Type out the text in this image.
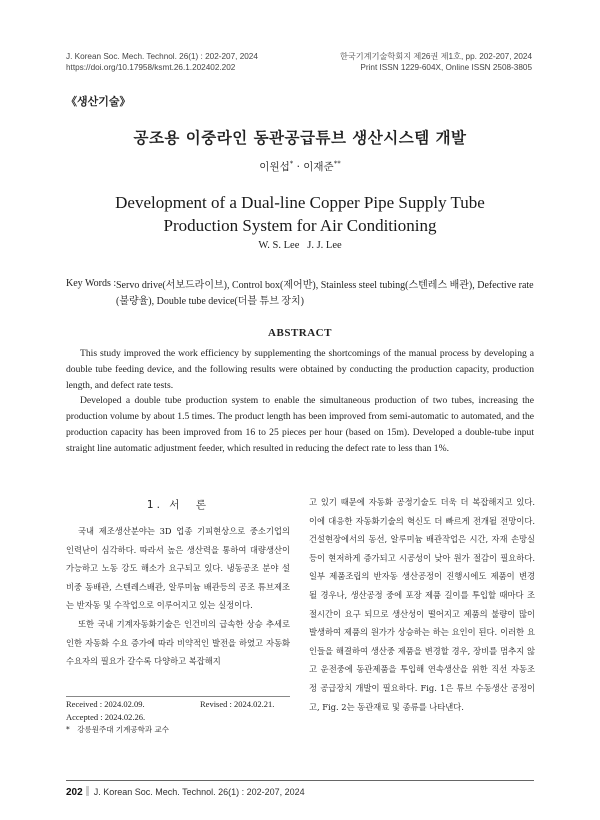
J. Korean Soc. Mech. Technol. 26(1) : 202-207, 2024
https://doi.org/10.17958/ksmt.26.1.202402.202
한국기계기술학회지 제26권 제1호, pp. 202-207, 2024
Print ISSN 1229-604X, Online ISSN 2508-3805
《생산기술》
공조용 이중라인 동관공급튜브 생산시스템 개발
이원섭* · 이재준**
Development of a Dual-line Copper Pipe Supply Tube
Production System for Air Conditioning
W. S. Lee   J. J. Lee
Key Words : Servo drive(서보드라이브), Control box(제어반), Stainless steel tubing(스텐레스 배관), Defective rate (불량율), Double tube device(더블 튜브 장치)
ABSTRACT

This study improved the work efficiency by supplementing the shortcomings of the manual process by developing a double tube feeding device, and the following results were obtained by conducting the production capacity, production length, and defect rate tests.

Developed a double tube production system to enable the simultaneous production of two tubes, increasing the production volume by about 1.5 times. The product length has been improved from semi-automatic to automated, and the production capacity has been improved from 16 to 25 pieces per hour (based on 15m). Developed a double-tube input straight line automatic adjustment feeder, which resulted in reducing the defect rate to less than 1%.

1. 서　론

국내 제조생산분야는 3D 업종 기피현상으로 중소기업의 인력난이 심각하다. 따라서 높은 생산력을 통하여 대량생산이 가능하고 노동 강도 해소가 요구되고 있다. 냉동공조 분야 설비중 동배관, 스텐레스배관, 알루미늄 배관등의 공조 튜브제조는 반자동 및 수작업으로 이루어지고 있는 실정이다.

또한 국내 기계자동화기술은 인건비의 급속한 상승 추세로 인한 자동화 수요 증가에 따라 비약적인 발전을 하였고 자동화 수요자의 필요가 갈수록 다양하고 복잡해지

고 있기 때문에 자동화 공정기술도 더욱 더 복잡해지고 있다. 이에 대응한 자동화기술의 혁신도 더 빠르게 전개될 전망이다. 건설현장에서의 동선, 알루미늄 배관작업은 시간, 자재 손망실등이 현저하게 증가되고 시공성이 낮아 원가 절감이 필요하다. 일부 제품조립의 반자동 생산공정이 진행시에도 제품이 변경 될 경우나, 생산공정 중에 포장 제품 길이를 투입할 때마다 조절시간이 요구 되므로 생산성이 떨어지고 제품의 불량이 많이 발생하여 제품의 원가가 상승하는 하는 요인이 된다. 이러한 요인들을 해결하여 생산중 제품을 변경할 경우, 장비를 멈추지 않고 운전중에 동관제품을 투입해 연속생산을 위한 직선 자동조정 공급장치 개발이 필요하다. Fig. 1은 튜브 수동생산 공정이고, Fig. 2는 동관재료 및 종류를 나타낸다.

Received : 2024.02.09.	Revised : 2024.02.21.
Accepted : 2024.02.26.
*　강릉원주대 기계공학과 교수
202 J. Korean Soc. Mech. Technol. 26(1) : 202-207, 2024
